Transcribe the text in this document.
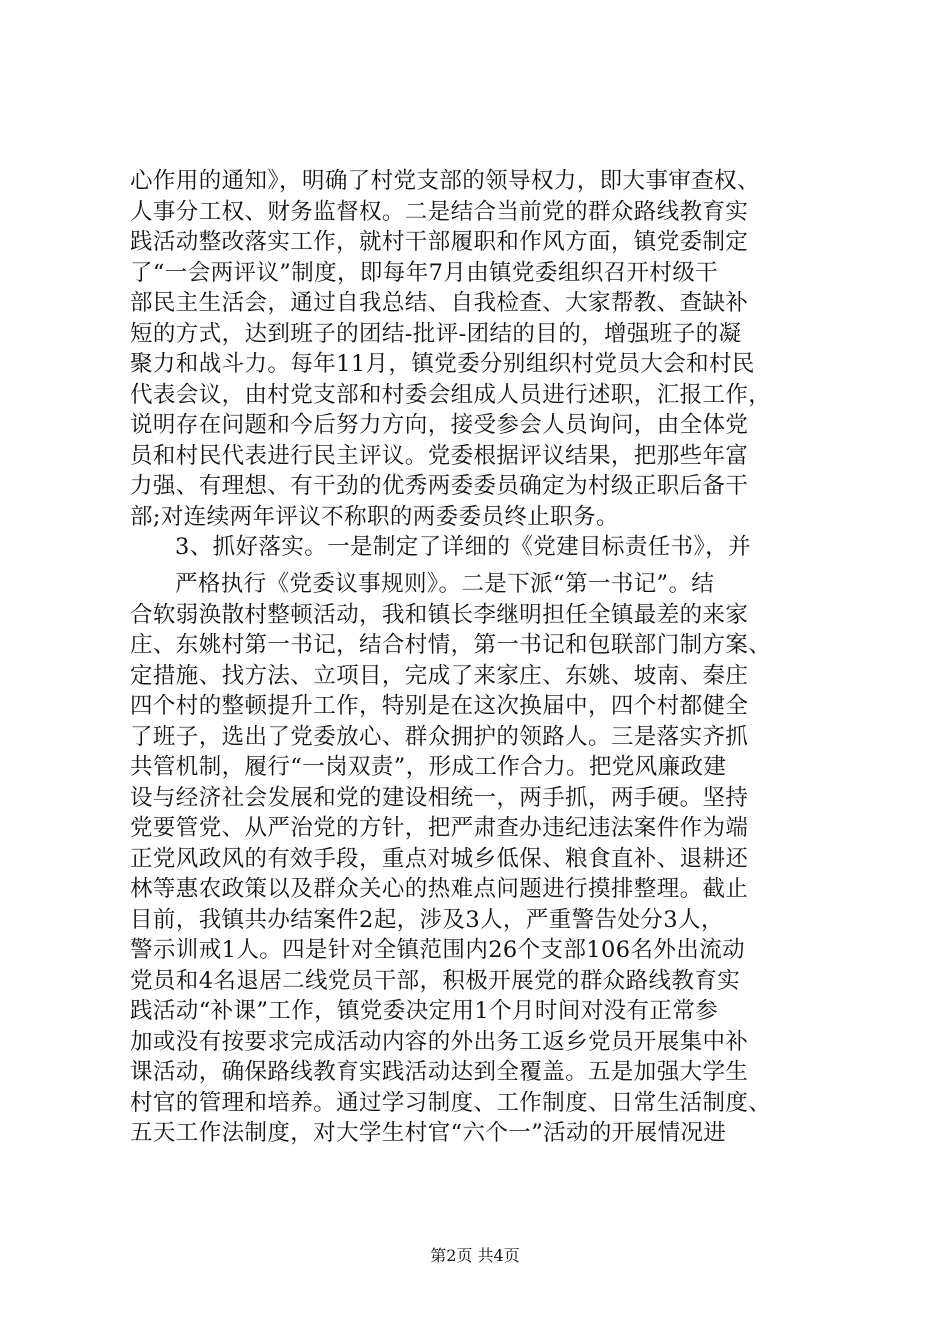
心作用的通知》，明确了村党支部的领导权力，即大事审查权、
人事分工权、财务监督权。二是结合当前党的群众路线教育实
践活动整改落实工作，就村干部履职和作风方面，镇党委制定
了“一会两评议”制度，即每年7月由镇党委组织召开村级干
部民主生活会，通过自我总结、自我检查、大家帮教、查缺补
短的方式，达到班子的团结-批评-团结的目的，增强班子的凝
聚力和战斗力。每年11月，镇党委分别组织村党员大会和村民
代表会议，由村党支部和村委会组成人员进行述职，汇报工作，
说明存在问题和今后努力方向，接受参会人员询问，由全体党
员和村民代表进行民主评议。党委根据评议结果，把那些年富
力强、有理想、有干劲的优秀两委委员确定为村级正职后备干
部;对连续两年评议不称职的两委委员终止职务。
3、抓好落实。一是制定了详细的《党建目标责任书》，并
严格执行《党委议事规则》。二是下派“第一书记”。结
合软弱涣散村整顿活动，我和镇长李继明担任全镇最差的来家
庄、东姚村第一书记，结合村情，第一书记和包联部门制方案、
定措施、找方法、立项目，完成了来家庄、东姚、坡南、秦庄
四个村的整顿提升工作，特别是在这次换届中，四个村都健全
了班子，选出了党委放心、群众拥护的领路人。三是落实齐抓
共管机制，履行“一岗双责”，形成工作合力。把党风廉政建
设与经济社会发展和党的建设相统一，两手抓，两手硬。坚持
党要管党、从严治党的方针，把严肃查办违纪违法案件作为端
正党风政风的有效手段，重点对城乡低保、粮食直补、退耕还
林等惠农政策以及群众关心的热难点问题进行摸排整理。截止
目前，我镇共办结案件2起，涉及3人，严重警告处分3人，
警示训戒1人。四是针对全镇范围内26个支部106名外出流动
党员和4名退居二线党员干部，积极开展党的群众路线教育实
践活动“补课”工作，镇党委决定用1个月时间对没有正常参
加或没有按要求完成活动内容的外出务工返乡党员开展集中补
课活动，确保路线教育实践活动达到全覆盖。五是加强大学生
村官的管理和培养。通过学习制度、工作制度、日常生活制度、
五天工作法制度，对大学生村官“六个一”活动的开展情况进
第2页 共4页
